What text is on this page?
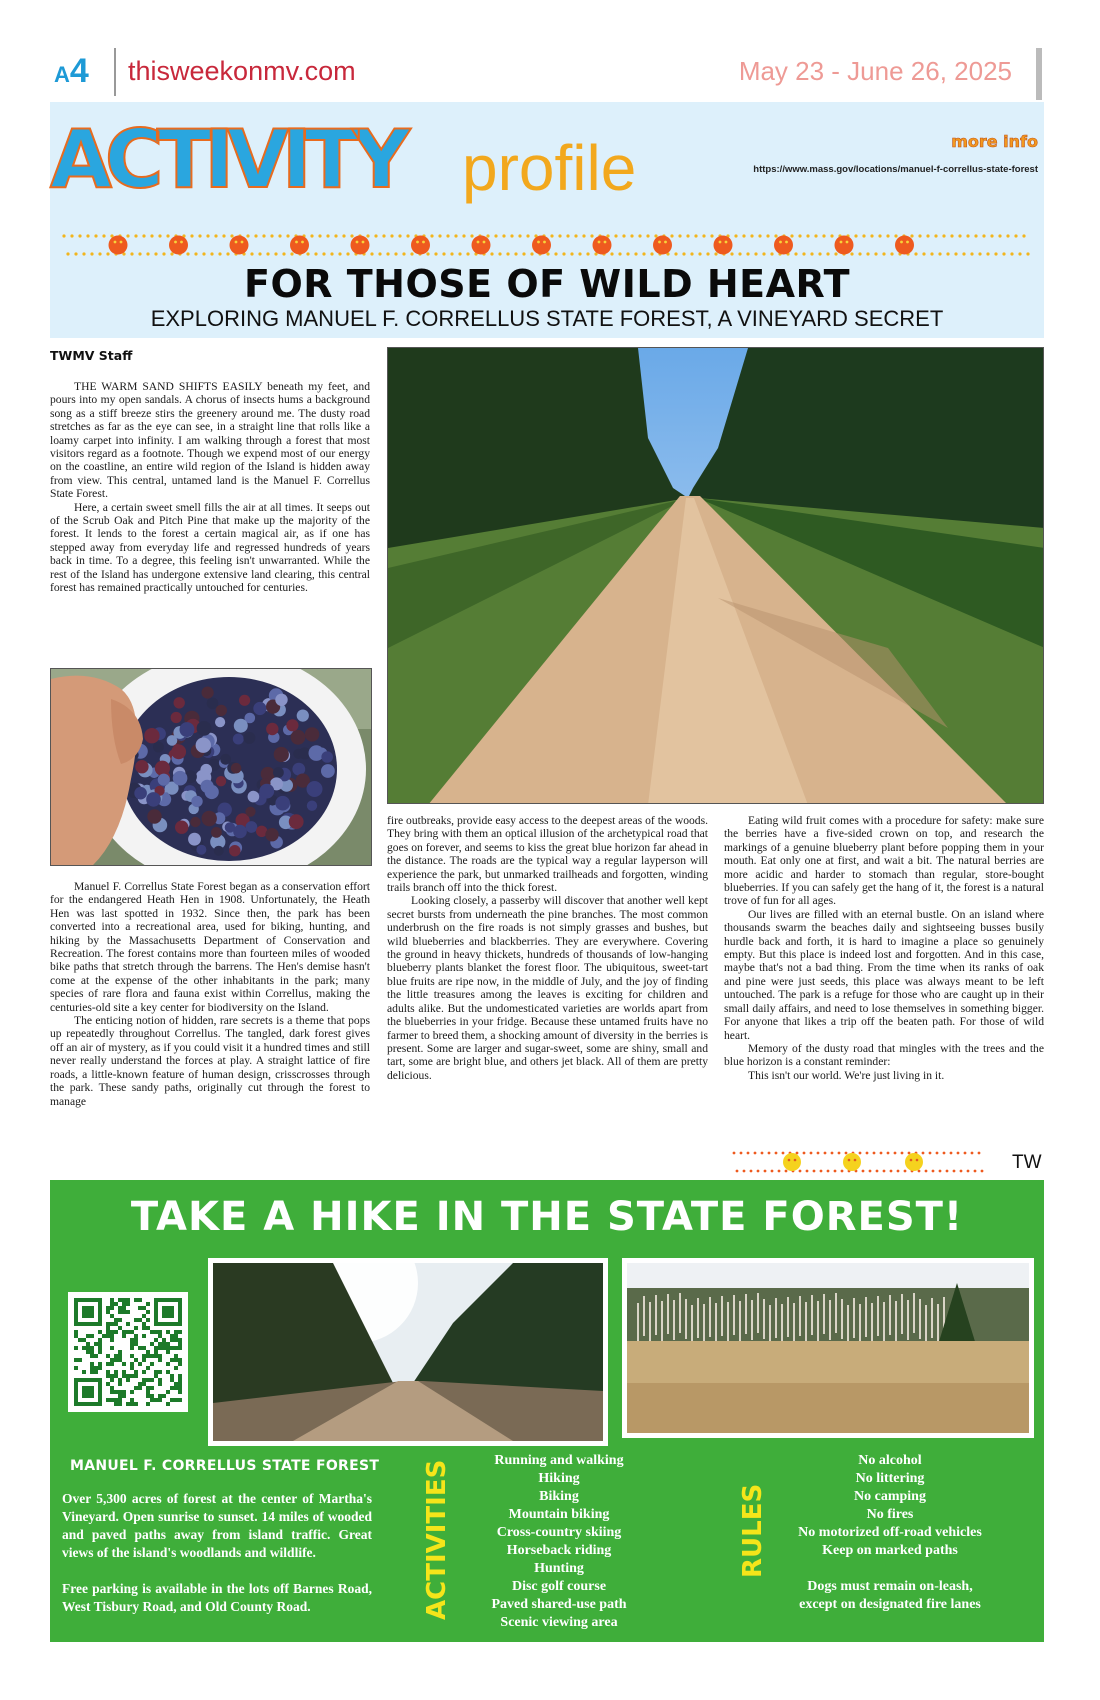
A4 thisweekonmv.com	May 23 - June 26, 2025
ACTIVITY profile	more info
https://www.mass.gov/locations/manuel-f-correllus-state-forest
FOR THOSE OF WILD HEART
EXPLORING MANUEL F. CORRELLUS STATE FOREST, A VINEYARD SECRET
TWMV Staff

THE WARM SAND SHIFTS EASILY beneath my feet, and pours into my open sandals. A chorus of insects hums a background song as a stiff breeze stirs the greenery around me. The dusty road stretches as far as the eye can see, in a straight line that rolls like a loamy carpet into infinity. I am walking through a forest that most visitors regard as a footnote. Though we expend most of our energy on the coastline, an entire wild region of the Island is hidden away from view. This central, untamed land is the Manuel F. Correllus State Forest.

Here, a certain sweet smell fills the air at all times. It seeps out of the Scrub Oak and Pitch Pine that make up the majority of the forest. It lends to the forest a certain magical air, as if one has stepped away from everyday life and regressed hundreds of years back in time. To a degree, this feeling isn't unwarranted. While the rest of the Island has undergone extensive land clearing, this central forest has remained practically untouched for centuries.

Manuel F. Correllus State Forest began as a conservation effort for the endangered Heath Hen in 1908. Unfortunately, the Heath Hen was last spotted in 1932. Since then, the park has been converted into a recreational area, used for biking, hunting, and hiking by the Massachusetts Department of Conservation and Recreation. The forest contains more than fourteen miles of wooded bike paths that stretch through the barrens. The Hen's demise hasn't come at the expense of the other inhabitants in the park; many species of rare flora and fauna exist within Correllus, making the centuries-old site a key center for biodiversity on the Island.

The enticing notion of hidden, rare secrets is a theme that pops up repeatedly throughout Correllus. The tangled, dark forest gives off an air of mystery, as if you could visit it a hundred times and still never really understand the forces at play. A straight lattice of fire roads, a little-known feature of human design, crisscrosses through the park. These sandy paths, originally cut through the forest to manage

fire outbreaks, provide easy access to the deepest areas of the woods. They bring with them an optical illusion of the archetypical road that goes on forever, and seems to kiss the great blue horizon far ahead in the distance. The roads are the typical way a regular layperson will experience the park, but unmarked trailheads and forgotten, winding trails branch off into the thick forest.

Looking closely, a passerby will discover that another well kept secret bursts from underneath the pine branches. The most common underbrush on the fire roads is not simply grasses and bushes, but wild blueberries and blackberries. They are everywhere. Covering the ground in heavy thickets, hundreds of thousands of low-hanging blueberry plants blanket the forest floor. The ubiquitous, sweet-tart blue fruits are ripe now, in the middle of July, and the joy of finding the little treasures among the leaves is exciting for children and adults alike. But the undomesticated varieties are worlds apart from the blueberries in your fridge. Because these untamed fruits have no farmer to breed them, a shocking amount of diversity in the berries is present. Some are larger and sugar-sweet, some are shiny, small and tart, some are bright blue, and others jet black. All of them are pretty delicious.

Eating wild fruit comes with a procedure for safety: make sure the berries have a five-sided crown on top, and research the markings of a genuine blueberry plant before popping them in your mouth. Eat only one at first, and wait a bit. The natural berries are more acidic and harder to stomach than regular, store-bought blueberries. If you can safely get the hang of it, the forest is a natural trove of fun for all ages.

Our lives are filled with an eternal bustle. On an island where thousands swarm the beaches daily and sightseeing busses busily hurdle back and forth, it is hard to imagine a place so genuinely empty. But this place is indeed lost and forgotten. And in this case, maybe that's not a bad thing. From the time when its ranks of oak and pine were just seeds, this place was always meant to be left untouched. The park is a refuge for those who are caught up in their small daily affairs, and need to lose themselves in something bigger. For anyone that likes a trip off the beaten path. For those of wild heart.

Memory of the dusty road that mingles with the trees and the blue horizon is a constant reminder:

This isn't our world. We're just living in it.

TW
TAKE A HIKE IN THE STATE FOREST!
MANUEL F. CORRELLUS STATE FOREST
Over 5,300 acres of forest at the center of Martha's Vineyard. Open sunrise to sunset. 14 miles of wooded and paved paths away from island traffic. Great views of the island's woodlands and wildlife.
Free parking is available in the lots off Barnes Road, West Tisbury Road, and Old County Road.	ACTIVITIES	Running and walking
Hiking
Biking
Mountain biking
Cross-country skiing
Horseback riding
Hunting
Disc golf course
Paved shared-use path
Scenic viewing area
RULES
No alcohol
No littering
No camping
No fires
No motorized off-road vehicles
Keep on marked paths
Dogs must remain on-leash,
except on designated fire lanes
